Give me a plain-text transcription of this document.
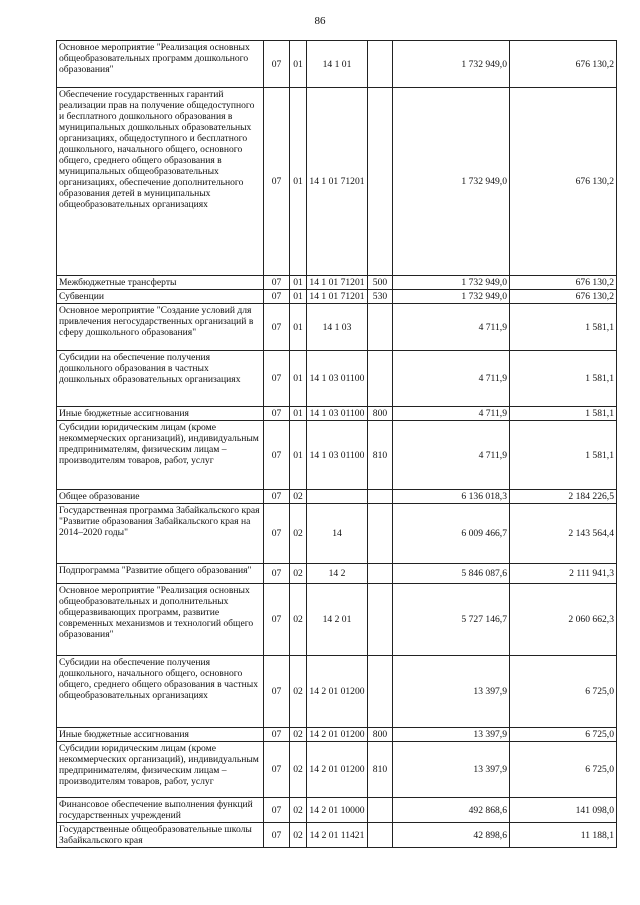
86
Основное мероприятие "Реализация основных общеобразовательных программ дошкольного образования"	07	01	14 1 01		1 732 949,0	676 130,2
Обеспечение государственных гарантий реализации прав на получение общедоступного и бесплатного дошкольного образования в муниципальных дошкольных образовательных организациях, общедоступного и бесплатного дошкольного, начального общего, основного общего, среднего общего образования в муниципальных общеобразовательных организациях, обеспечение дополнительного образования детей в муниципальных общеобразовательных организациях	07	01	14 1 01 71201		1 732 949,0	676 130,2
Межбюджетные трансферты	07	01	14 1 01 71201	500	1 732 949,0	676 130,2
Субвенции	07	01	14 1 01 71201	530	1 732 949,0	676 130,2
Основное мероприятие "Создание условий для привлечения негосударственных организаций в сферу дошкольного образования"	07	01	14 1 03		4 711,9	1 581,1
Субсидии на обеспечение получения дошкольного образования в частных дошкольных образовательных организациях	07	01	14 1 03 01100		4 711,9	1 581,1
Иные бюджетные ассигнования	07	01	14 1 03 01100	800	4 711,9	1 581,1
Субсидии юридическим лицам (кроме некоммерческих организаций), индивидуальным предпринимателям, физическим лицам – производителям товаров, работ, услуг	07	01	14 1 03 01100	810	4 711,9	1 581,1
Общее образование	07	02			6 136 018,3	2 184 226,5
Государственная программа Забайкальского края "Развитие образования Забайкальского края на 2014–2020 годы"	07	02	14		6 009 466,7	2 143 564,4
Подпрограмма "Развитие общего образования"	07	02	14 2		5 846 087,6	2 111 941,3
Основное мероприятие "Реализация основных общеобразовательных и дополнительных общеразвивающих программ, развитие современных механизмов и технологий общего образования"	07	02	14 2 01		5 727 146,7	2 060 662,3
Субсидии на обеспечение получения дошкольного, начального общего, основного общего, среднего общего образования в частных общеобразовательных организациях	07	02	14 2 01 01200		13 397,9	6 725,0
Иные бюджетные ассигнования	07	02	14 2 01 01200	800	13 397,9	6 725,0
Субсидии юридическим лицам (кроме некоммерческих организаций), индивидуальным предпринимателям, физическим лицам – производителям товаров, работ, услуг	07	02	14 2 01 01200	810	13 397,9	6 725,0
Финансовое обеспечение выполнения функций государственных учреждений	07	02	14 2 01 10000		492 868,6	141 098,0
Государственные общеобразовательные школы Забайкальского края	07	02	14 2 01 11421		42 898,6	11 188,1
